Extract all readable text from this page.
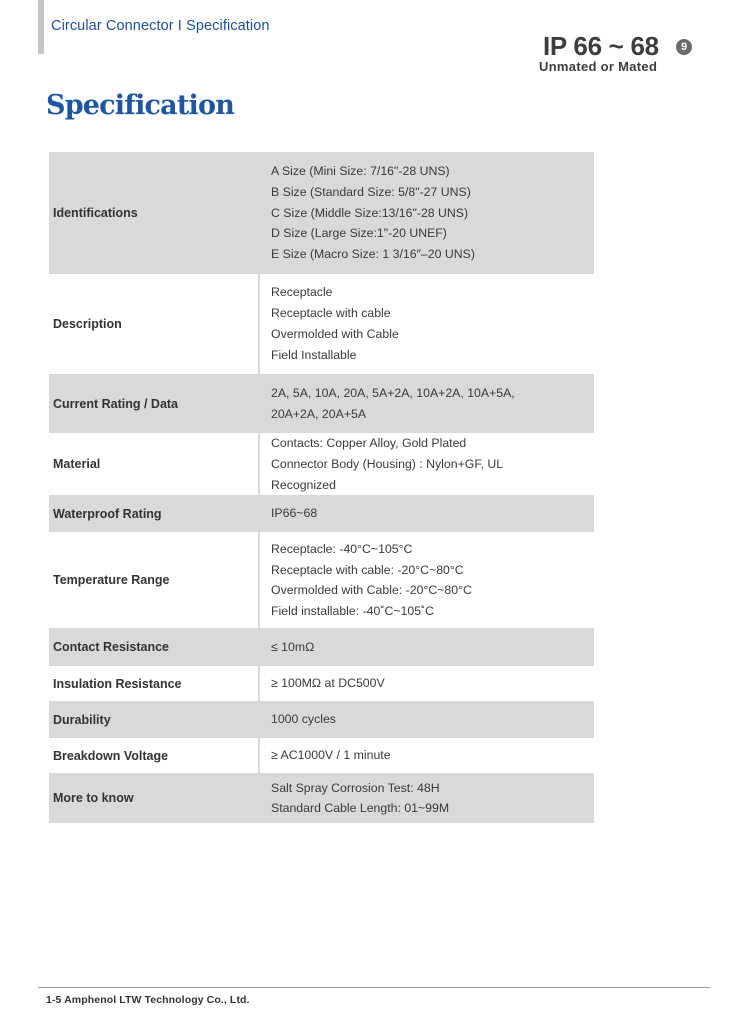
Circular Connector I Specification
IP 66 ~ 68	9
Unmated or Mated
Specification
Identifications	A Size (Mini Size: 7/16"-28 UNS)
B Size (Standard Size: 5/8"-27 UNS)
C Size (Middle Size:13/16"-28 UNS)
D Size (Large Size:1"-20 UNEF)
E Size (Macro Size: 1 3/16″–20 UNS)

Description	Receptacle
Receptacle with cable
Overmolded with Cable
Field Installable

Current Rating / Data	2A, 5A, 10A, 20A, 5A+2A, 10A+2A, 10A+5A,
20A+2A, 20A+5A

Material	Contacts: Copper Alloy, Gold Plated
Connector Body (Housing) : Nylon+GF, UL
Recognized

Waterproof Rating	IP66~68

Temperature Range	Receptacle: -40°C~105°C
Receptacle with cable: -20°C~80°C
Overmolded with Cable: -20°C~80°C
Field installable: -40˚C~105˚C

Contact Resistance	≤ 10mΩ

Insulation Resistance	≥ 100MΩ at DC500V

Durability	1000 cycles

Breakdown Voltage	≥ AC1000V / 1 minute

More to know	Salt Spray Corrosion Test: 48H
Standard Cable Length: 01~99M
1-5 Amphenol LTW Technology Co., Ltd.
